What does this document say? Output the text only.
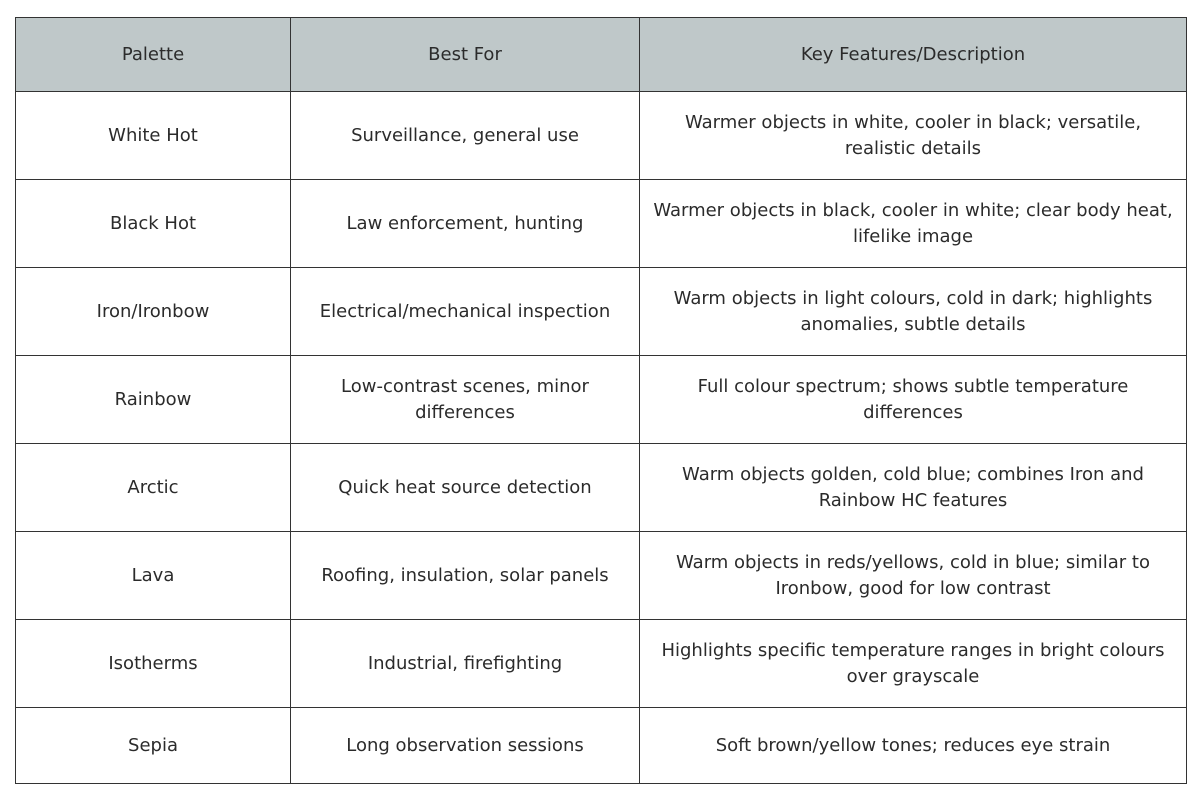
Palette	Best For	Key Features/Description
White Hot	Surveillance, general use	Warmer objects in white, cooler in black; versatile, realistic details
Black Hot	Law enforcement, hunting	Warmer objects in black, cooler in white; clear body heat, lifelike image
Iron/Ironbow	Electrical/mechanical inspection	Warm objects in light colours, cold in dark; highlights anomalies, subtle details
Rainbow	Low-contrast scenes, minor differences	Full colour spectrum; shows subtle temperature differences
Arctic	Quick heat source detection	Warm objects golden, cold blue; combines Iron and Rainbow HC features
Lava	Roofing, insulation, solar panels	Warm objects in reds/yellows, cold in blue; similar to Ironbow, good for low contrast
Isotherms	Industrial, firefighting	Highlights specific temperature ranges in bright colours over grayscale
Sepia	Long observation sessions	Soft brown/yellow tones; reduces eye strain
